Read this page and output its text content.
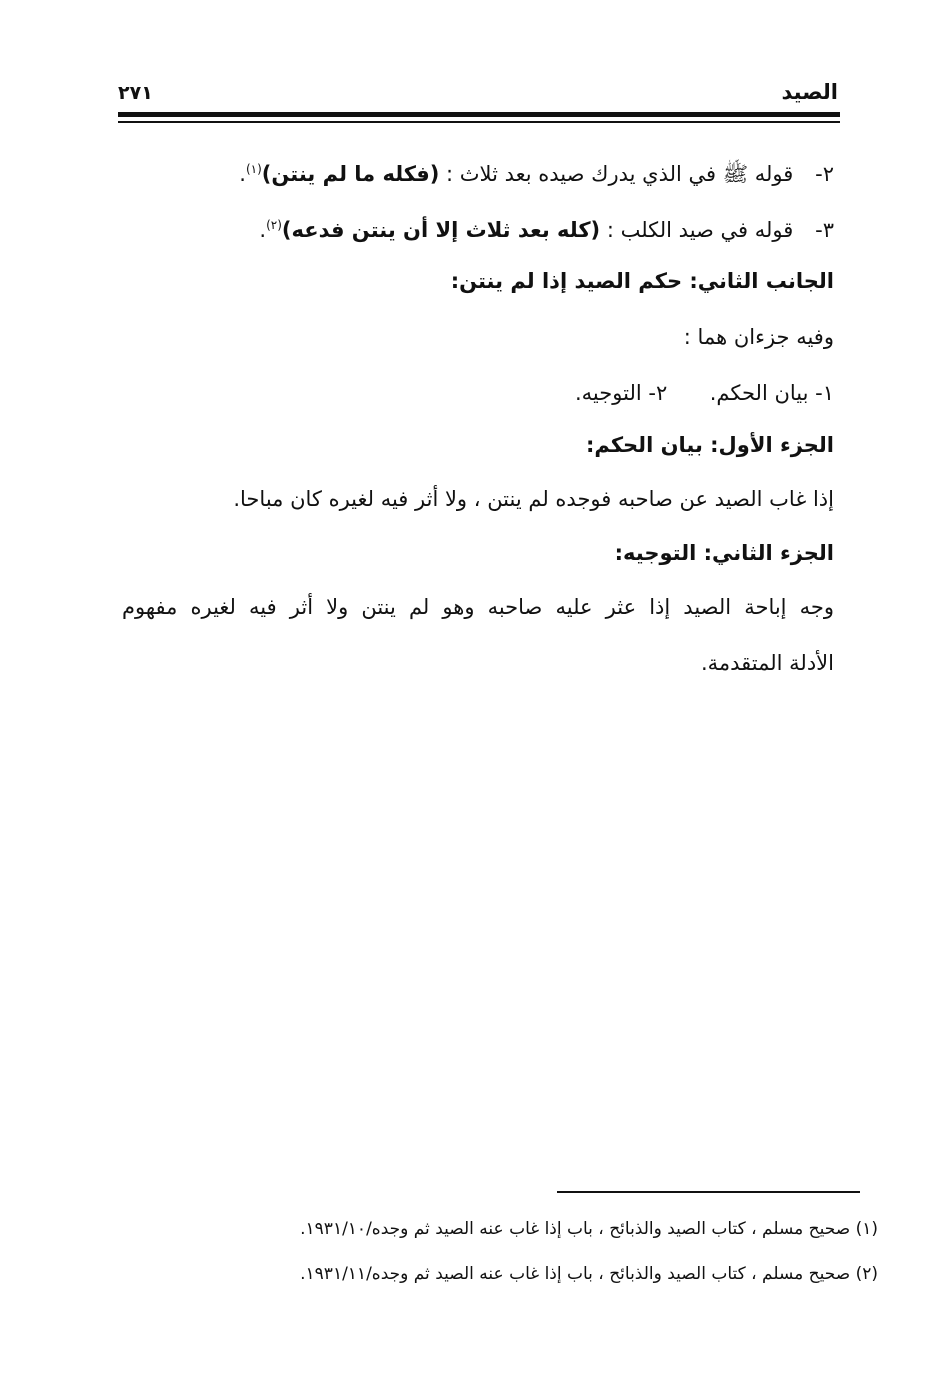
الصيد
٢٧١
٢- قوله ﷺ في الذي يدرك صيده بعد ثلاث : (فكله ما لم ينتن)$^{(١)}$.
٣- قوله في صيد الكلب : (كله بعد ثلاث إلا أن ينتن فدعه)$^{(٢)}$.
الجانب الثاني: حكم الصيد إذا لم ينتن:
وفيه جزءان هما :
١- بيان الحكم.
٢- التوجيه.
الجزء الأول: بيان الحكم:
إذا غاب الصيد عن صاحبه فوجده لم ينتن ، ولا أثر فيه لغيره كان مباحا.
الجزء الثاني: التوجيه:
وجه إباحة الصيد إذا عثر عليه صاحبه وهو لم ينتن ولا أثر فيه لغيره مفهوم
الأدلة المتقدمة.
(١) صحيح مسلم ، كتاب الصيد والذبائح ، باب إذا غاب عنه الصيد ثم وجده/١٩٣١/١٠.
(٢) صحيح مسلم ، كتاب الصيد والذبائح ، باب إذا غاب عنه الصيد ثم وجده/١٩٣١/١١.
